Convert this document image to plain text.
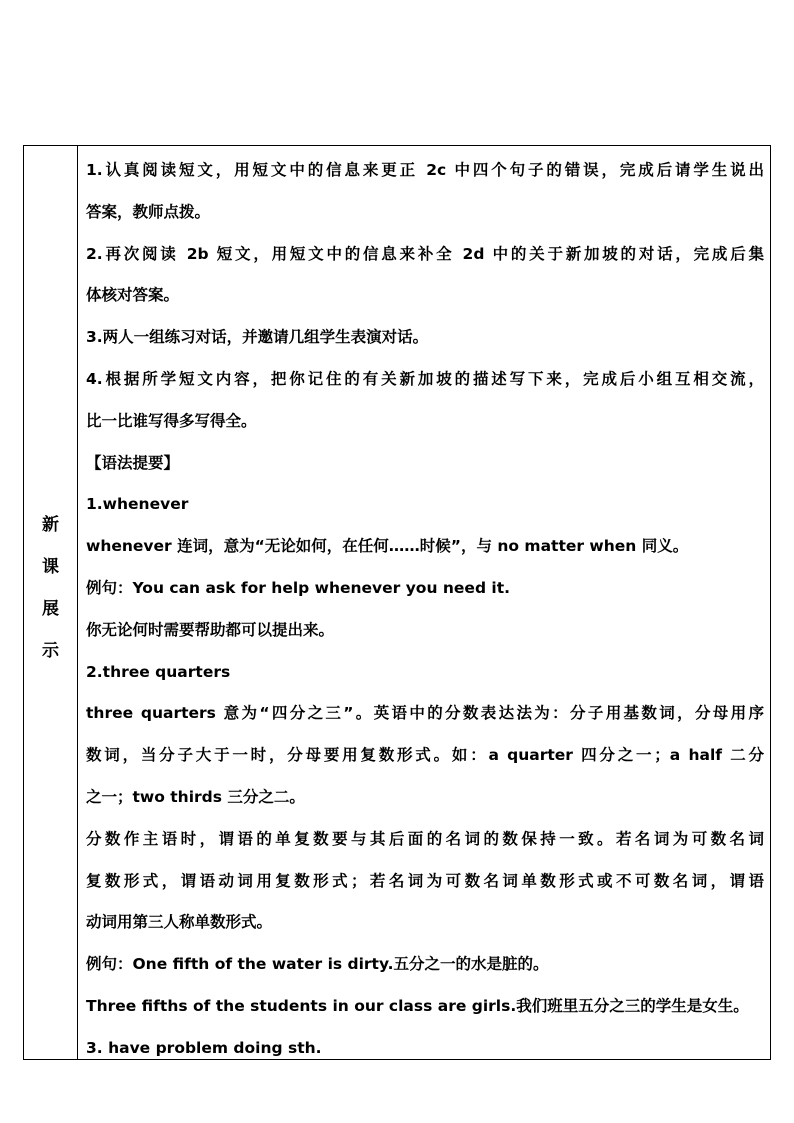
新
课
展
示
1.认真阅读短文，用短文中的信息来更正 2c 中四个句子的错误，完成后请学生说出
答案，教师点拨。
2.再次阅读 2b 短文，用短文中的信息来补全 2d 中的关于新加坡的对话，完成后集
体核对答案。
3.两人一组练习对话，并邀请几组学生表演对话。
4.根据所学短文内容，把你记住的有关新加坡的描述写下来，完成后小组互相交流，
比一比谁写得多写得全。
【语法提要】
1.whenever
whenever 连词，意为“无论如何，在任何……时候”，与 no matter when 同义。
例句：You can ask for help whenever you need it.
你无论何时需要帮助都可以提出来。
2.three quarters
three quarters 意为“四分之三”。英语中的分数表达法为：分子用基数词，分母用序
数词，当分子大于一时，分母要用复数形式。如：a quarter 四分之一；a half 二分
之一；two thirds 三分之二。
分数作主语时，谓语的单复数要与其后面的名词的数保持一致。若名词为可数名词
复数形式，谓语动词用复数形式；若名词为可数名词单数形式或不可数名词，谓语
动词用第三人称单数形式。
例句：One fifth of the water is dirty.五分之一的水是脏的。
Three fifths of the students in our class are girls.我们班里五分之三的学生是女生。
3. have problem doing sth.
